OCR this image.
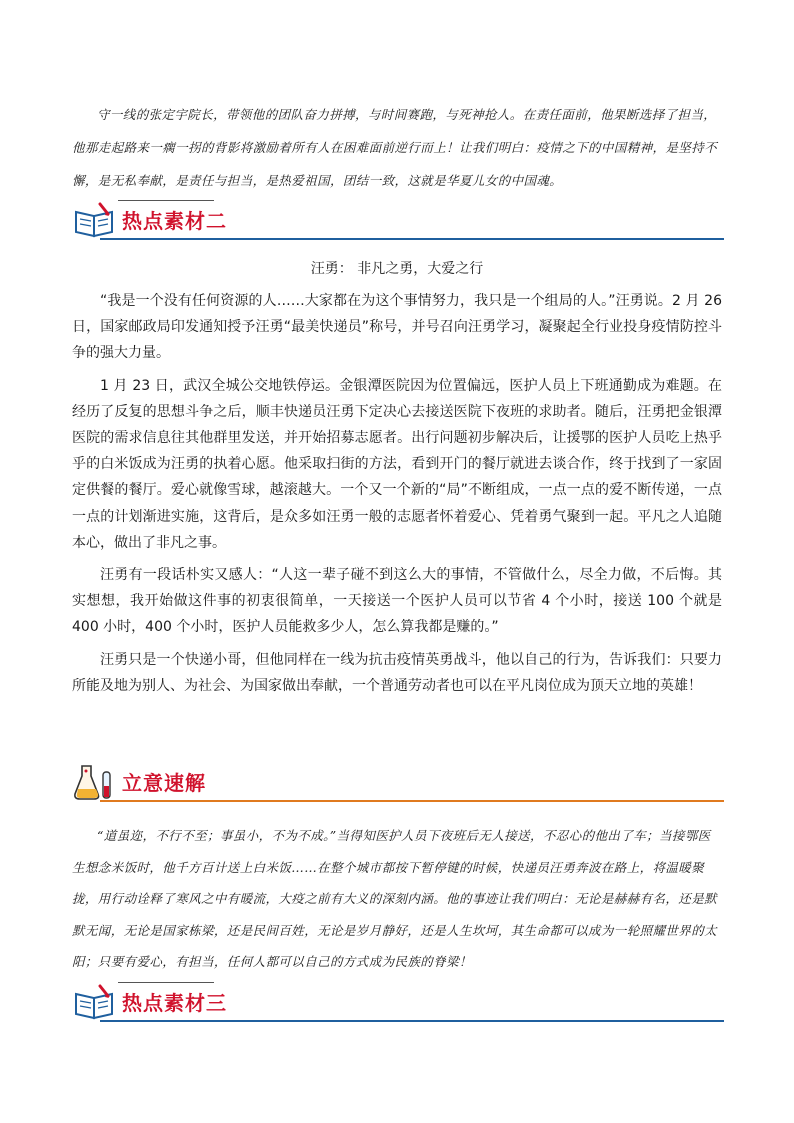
守一线的张定宇院长，带领他的团队奋力拼搏，与时间赛跑，与死神抢人。在责任面前，他果断选择了担当，他那走起路来一瘸一拐的背影将激励着所有人在困难面前逆行而上！让我们明白：疫情之下的中国精神，是坚持不懈，是无私奉献，是责任与担当，是热爱祖国，团结一致，这就是华夏儿女的中国魂。
热点素材二
汪勇： 非凡之勇，大爱之行

“我是一个没有任何资源的人……大家都在为这个事情努力，我只是一个组局的人。”汪勇说。2 月 26 日，国家邮政局印发通知授予汪勇“最美快递员”称号，并号召向汪勇学习，凝聚起全行业投身疫情防控斗争的强大力量。

1 月 23 日，武汉全城公交地铁停运。金银潭医院因为位置偏远，医护人员上下班通勤成为难题。在经历了反复的思想斗争之后，顺丰快递员汪勇下定决心去接送医院下夜班的求助者。随后，汪勇把金银潭医院的需求信息往其他群里发送，并开始招募志愿者。出行问题初步解决后，让援鄂的医护人员吃上热乎乎的白米饭成为汪勇的执着心愿。他采取扫街的方法，看到开门的餐厅就进去谈合作，终于找到了一家固定供餐的餐厅。爱心就像雪球，越滚越大。一个又一个新的“局”不断组成，一点一点的爱不断传递，一点一点的计划渐进实施，这背后，是众多如汪勇一般的志愿者怀着爱心、凭着勇气聚到一起。平凡之人追随本心，做出了非凡之事。

汪勇有一段话朴实又感人：“人这一辈子碰不到这么大的事情，不管做什么，尽全力做，不后悔。其实想想，我开始做这件事的初衷很简单，一天接送一个医护人员可以节省 4 个小时，接送 100 个就是 400 小时，400 个小时，医护人员能救多少人，怎么算我都是赚的。”

汪勇只是一个快递小哥，但他同样在一线为抗击疫情英勇战斗，他以自己的行为，告诉我们：只要力所能及地为别人、为社会、为国家做出奉献，一个普通劳动者也可以在平凡岗位成为顶天立地的英雄！

立意速解
“道虽迩，不行不至；事虽小，不为不成。”当得知医护人员下夜班后无人接送，不忍心的他出了车；当接鄂医生想念米饭时，他千方百计送上白米饭……在整个城市都按下暂停键的时候，快递员汪勇奔波在路上，将温暖聚拢，用行动诠释了寒风之中有暖流，大疫之前有大义的深刻内涵。他的事迹让我们明白：无论是赫赫有名，还是默默无闻，无论是国家栋梁，还是民间百姓，无论是岁月静好，还是人生坎坷，其生命都可以成为一轮照耀世界的太阳；只要有爱心，有担当，任何人都可以自己的方式成为民族的脊梁！
热点素材三
